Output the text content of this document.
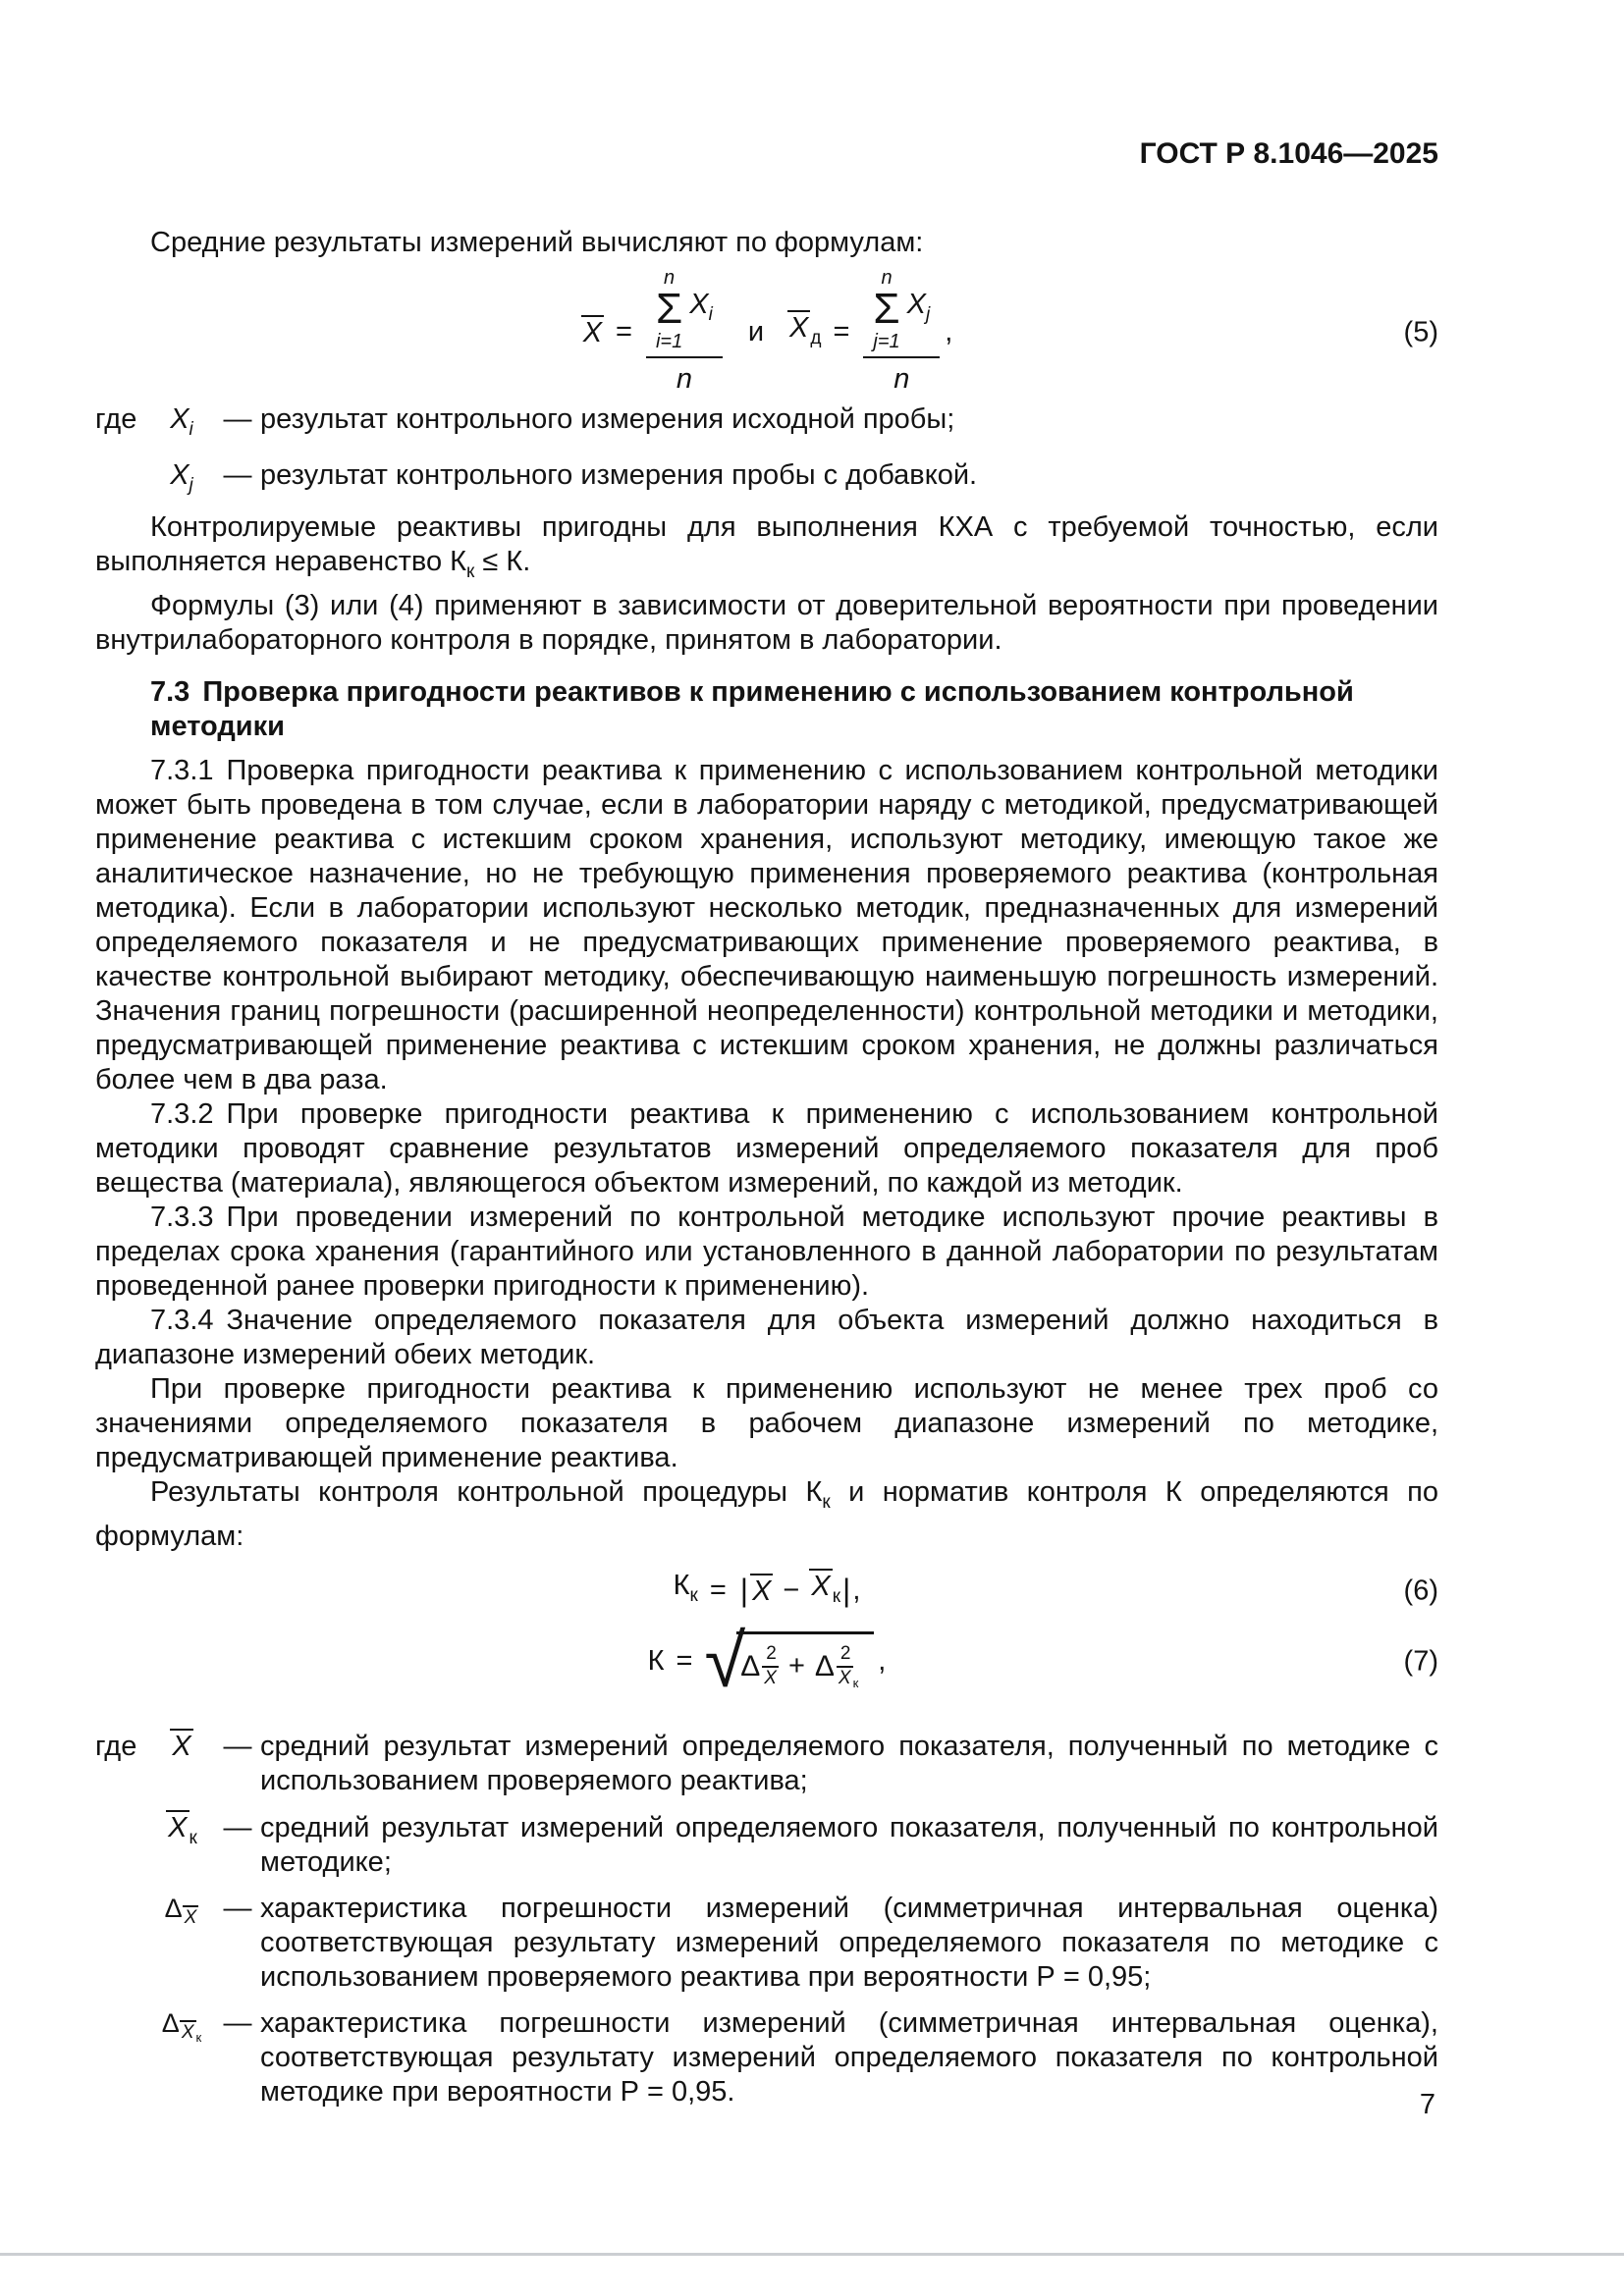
ГОСТ Р 8.1046—2025

Средние результаты измерений вычисляют по формулам:

X =
n
Σ
i=1
$X_i$
n
и X $_д$ =
n
Σ
j=1
$X_j$
n
,	(5)
где	$X_i$	— результат контрольного измерения исходной пробы;
$X_j$	— результат контрольного измерения пробы с добавкой.

Контролируемые реактивы пригодны для выполнения КХА с требуемой точностью, если выполняется неравенство $К_к \le К$.

Формулы (3) или (4) применяют в зависимости от доверительной вероятности при проведении внутрилабораторного контроля в порядке, принятом в лаборатории.

7.3 Проверка пригодности реактивов к применению с использованием контрольной методики

7.3.1 Проверка пригодности реактива к применению с использованием контрольной методики может быть проведена в том случае, если в лаборатории наряду с методикой, предусматривающей применение реактива с истекшим сроком хранения, используют методику, имеющую такое же аналитическое назначение, но не требующую применения проверяемого реактива (контрольная методика). Если в лаборатории используют несколько методик, предназначенных для измерений определяемого показателя и не предусматривающих применение проверяемого реактива, в качестве контрольной выбирают методику, обеспечивающую наименьшую погрешность измерений. Значения границ погрешности (расширенной неопределенности) контрольной методики и методики, предусматривающей применение реактива с истекшим сроком хранения, не должны различаться более чем в два раза.

7.3.2 При проверке пригодности реактива к применению с использованием контрольной методики проводят сравнение результатов измерений определяемого показателя для проб вещества (материала), являющегося объектом измерений, по каждой из методик.

7.3.3 При проведении измерений по контрольной методике используют прочие реактивы в пределах срока хранения (гарантийного или установленного в данной лаборатории по результатам проведенной ранее проверки пригодности к применению).

7.3.4 Значение определяемого показателя для объекта измерений должно находиться в диапазоне измерений обеих методик.

При проверке пригодности реактива к применению используют не менее трех проб со значениями определяемого показателя в рабочем диапазоне измерений по методике, предусматривающей применение реактива.

Результаты контроля контрольной процедуры $К_к$ и норматив контроля К определяются по формулам:

$К_к$ = | X − X $_к$ | ,	(6)
К = √
Δ 2
X + Δ 2
X к
,	(7)
где	X	— средний результат измерений определяемого показателя, полученный по методике с использованием проверяемого реактива;
X $_к$ — средний результат измерений определяемого показателя, полученный по контрольной методике;
Δ X — характеристика погрешности измерений (симметричная интервальная оценка) соответствующая результату измерений определяемого показателя по методике с использованием проверяемого реактива при вероятности Р = 0,95;
Δ X к — характеристика погрешности измерений (симметричная интервальная оценка), соответствующая результату измерений определяемого показателя по контрольной методике при вероятности Р = 0,95.	7
